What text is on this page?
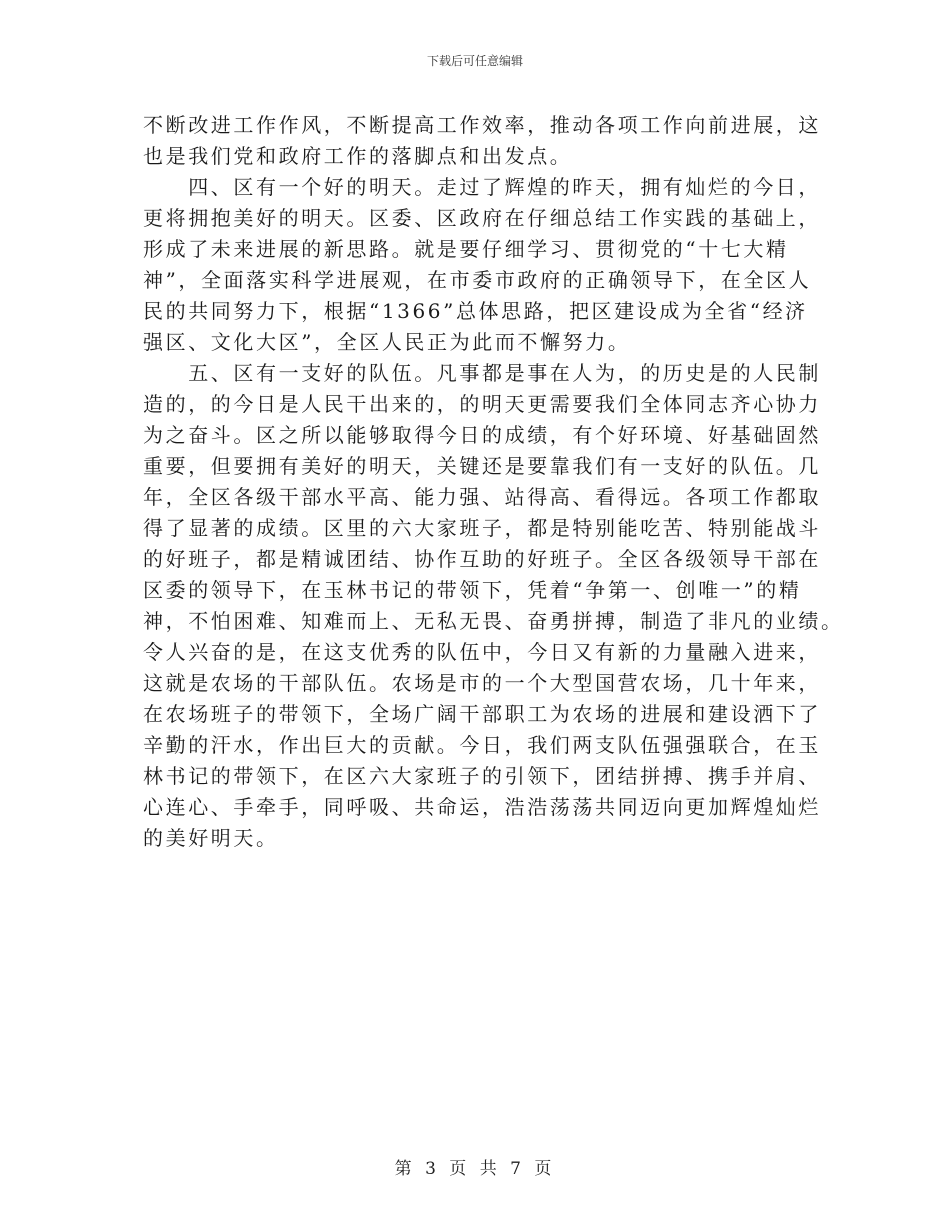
下载后可任意编辑
不断改进工作作风，不断提高工作效率，推动各项工作向前进展，这
也是我们党和政府工作的落脚点和出发点。
　　四、区有一个好的明天。走过了辉煌的昨天，拥有灿烂的今日，
更将拥抱美好的明天。区委、区政府在仔细总结工作实践的基础上，
形成了未来进展的新思路。就是要仔细学习、贯彻党的“十七大精
神”，全面落实科学进展观，在市委市政府的正确领导下，在全区人
民的共同努力下，根据“1366”总体思路，把区建设成为全省“经济
强区、文化大区”，全区人民正为此而不懈努力。
　　五、区有一支好的队伍。凡事都是事在人为，的历史是的人民制
造的，的今日是人民干出来的，的明天更需要我们全体同志齐心协力
为之奋斗。区之所以能够取得今日的成绩，有个好环境、好基础固然
重要，但要拥有美好的明天，关键还是要靠我们有一支好的队伍。几
年，全区各级干部水平高、能力强、站得高、看得远。各项工作都取
得了显著的成绩。区里的六大家班子，都是特别能吃苦、特别能战斗
的好班子，都是精诚团结、协作互助的好班子。全区各级领导干部在
区委的领导下，在玉林书记的带领下，凭着“争第一、创唯一”的精
神，不怕困难、知难而上、无私无畏、奋勇拼搏，制造了非凡的业绩。
令人兴奋的是，在这支优秀的队伍中，今日又有新的力量融入进来，
这就是农场的干部队伍。农场是市的一个大型国营农场，几十年来，
在农场班子的带领下，全场广阔干部职工为农场的进展和建设洒下了
辛勤的汗水，作出巨大的贡献。今日，我们两支队伍强强联合，在玉
林书记的带领下，在区六大家班子的引领下，团结拼搏、携手并肩、
心连心、手牵手，同呼吸、共命运，浩浩荡荡共同迈向更加辉煌灿烂
的美好明天。
第 3 页 共 7 页
